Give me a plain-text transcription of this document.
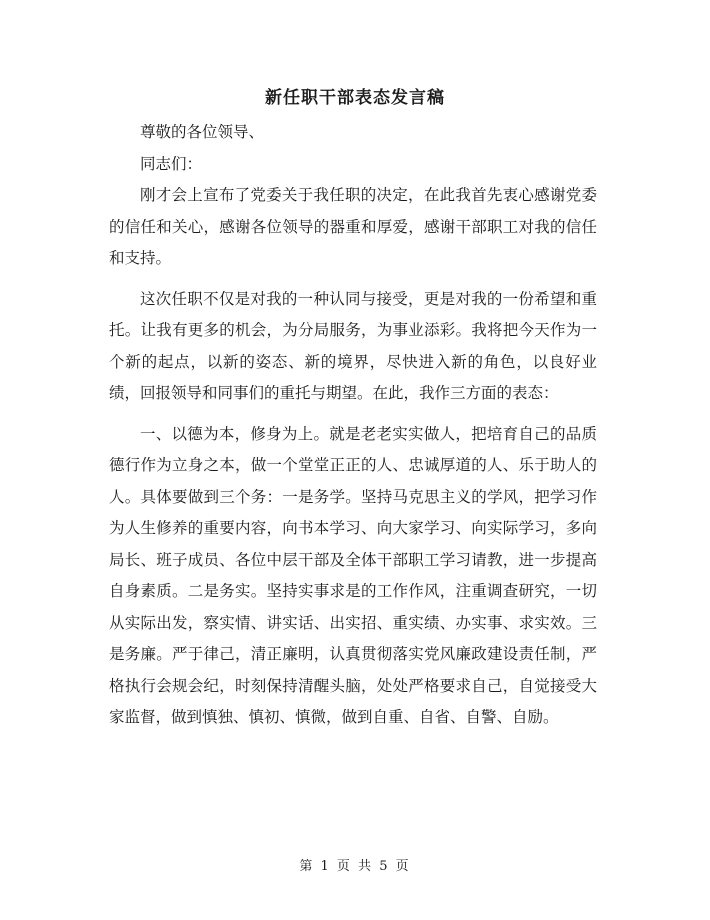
新任职干部表态发言稿

尊敬的各位领导、

同志们：

刚才会上宣布了党委关于我任职的决定，在此我首先衷心感谢党委的信任和关心，感谢各位领导的器重和厚爱，感谢干部职工对我的信任和支持。

这次任职不仅是对我的一种认同与接受，更是对我的一份希望和重托。让我有更多的机会，为分局服务，为事业添彩。我将把今天作为一个新的起点，以新的姿态、新的境界，尽快进入新的角色，以良好业绩，回报领导和同事们的重托与期望。在此，我作三方面的表态：

一、以德为本，修身为上。就是老老实实做人，把培育自己的品质德行作为立身之本，做一个堂堂正正的人、忠诚厚道的人、乐于助人的人。具体要做到三个务：一是务学。坚持马克思主义的学风，把学习作为人生修养的重要内容，向书本学习、向大家学习、向实际学习，多向局长、班子成员、各位中层干部及全体干部职工学习请教，进一步提高自身素质。二是务实。坚持实事求是的工作作风，注重调查研究，一切从实际出发，察实情、讲实话、出实招、重实绩、办实事、求实效。三是务廉。严于律己，清正廉明，认真贯彻落实党风廉政建设责任制，严格执行会规会纪，时刻保持清醒头脑，处处严格要求自己，自觉接受大家监督，做到慎独、慎初、慎微，做到自重、自省、自警、自励。

第 1 页 共 5 页
